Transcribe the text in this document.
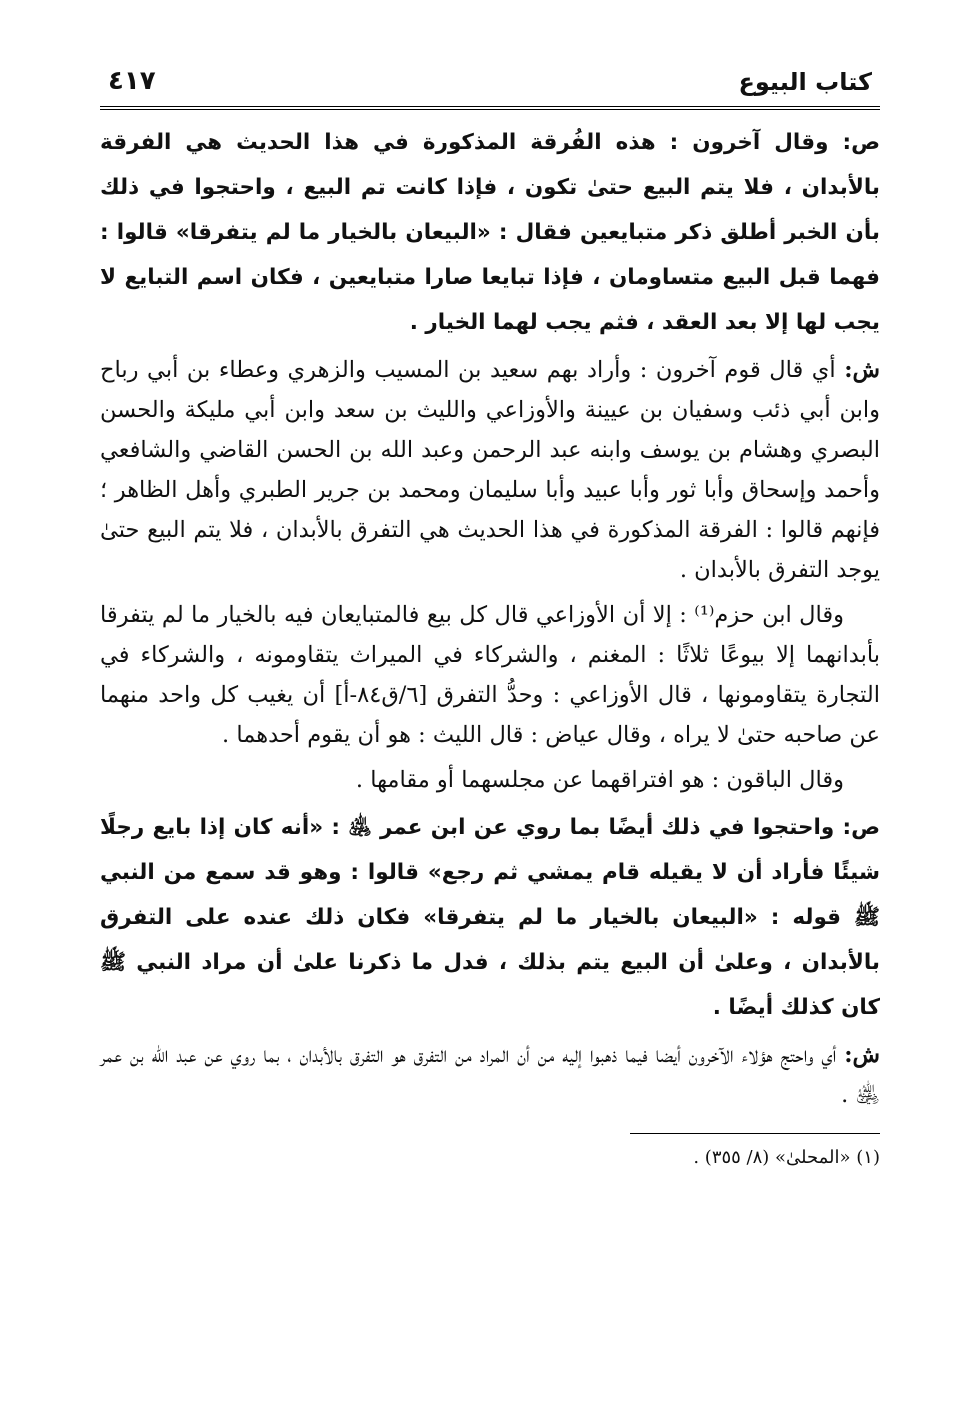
٤١٧	كتاب البيوع

ص: وقال آخرون : هذه الفُرقة المذكورة في هذا الحديث هي الفرقة بالأبدان ، فلا يتم البيع حتىٰ تكون ، فإذا كانت تم البيع ، واحتجوا في ذلك بأن الخبر أطلق ذكر متبايعين فقال : «البيعان بالخيار ما لم يتفرقا» قالوا : فهما قبل البيع متساومان ، فإذا تبايعا صارا متبايعين ، فكان اسم التبايع لا يجب لها إلا بعد العقد ، فثم يجب لهما الخيار .

ش: أي قال قوم آخرون : وأراد بهم سعيد بن المسيب والزهري وعطاء بن أبي رباح وابن أبي ذئب وسفيان بن عيينة والأوزاعي والليث بن سعد وابن أبي مليكة والحسن البصري وهشام بن يوسف وابنه عبد الرحمن وعبد الله بن الحسن القاضي والشافعي وأحمد وإسحاق وأبا ثور وأبا عبيد وأبا سليمان ومحمد بن جرير الطبري وأهل الظاهر ؛ فإنهم قالوا : الفرقة المذكورة في هذا الحديث هي التفرق بالأبدان ، فلا يتم البيع حتىٰ يوجد التفرق بالأبدان .

وقال ابن حزم⁽¹⁾ : إلا أن الأوزاعي قال كل بيع فالمتبايعان فيه بالخيار ما لم يتفرقا بأبدانهما إلا بيوعًا ثلاثًا : المغنم ، والشركاء في الميراث يتقاومونه ، والشركاء في التجارة يتقاومونها ، قال الأوزاعي : وحدُّ التفرق [٦/ق٨٤-أ] أن يغيب كل واحد منهما عن صاحبه حتىٰ لا يراه ، وقال عياض : قال الليث : هو أن يقوم أحدهما .

وقال الباقون : هو افتراقهما عن مجلسهما أو مقامها .

ص: واحتجوا في ذلك أيضًا بما روي عن ابن عمر ﵁ : «أنه كان إذا بايع رجلًا شيئًا فأراد أن لا يقيله قام يمشي ثم رجع» قالوا : وهو قد سمع من النبي ﷺ قوله : «البيعان بالخيار ما لم يتفرقا» فكان ذلك عنده على التفرق بالأبدان ، وعلىٰ أن البيع يتم بذلك ، فدل ما ذكرنا علىٰ أن مراد النبي ﷺ كان كذلك أيضًا .

ش: أي واحتج هؤلاء الآخرون أيضا فيما ذهبوا إليه من أن المراد من التفرق هو التفرق بالأبدان ، بما روي عن عبد الله بن عمر ﵁ .

(١) «المحلىٰ» (٨/ ٣٥٥) .
